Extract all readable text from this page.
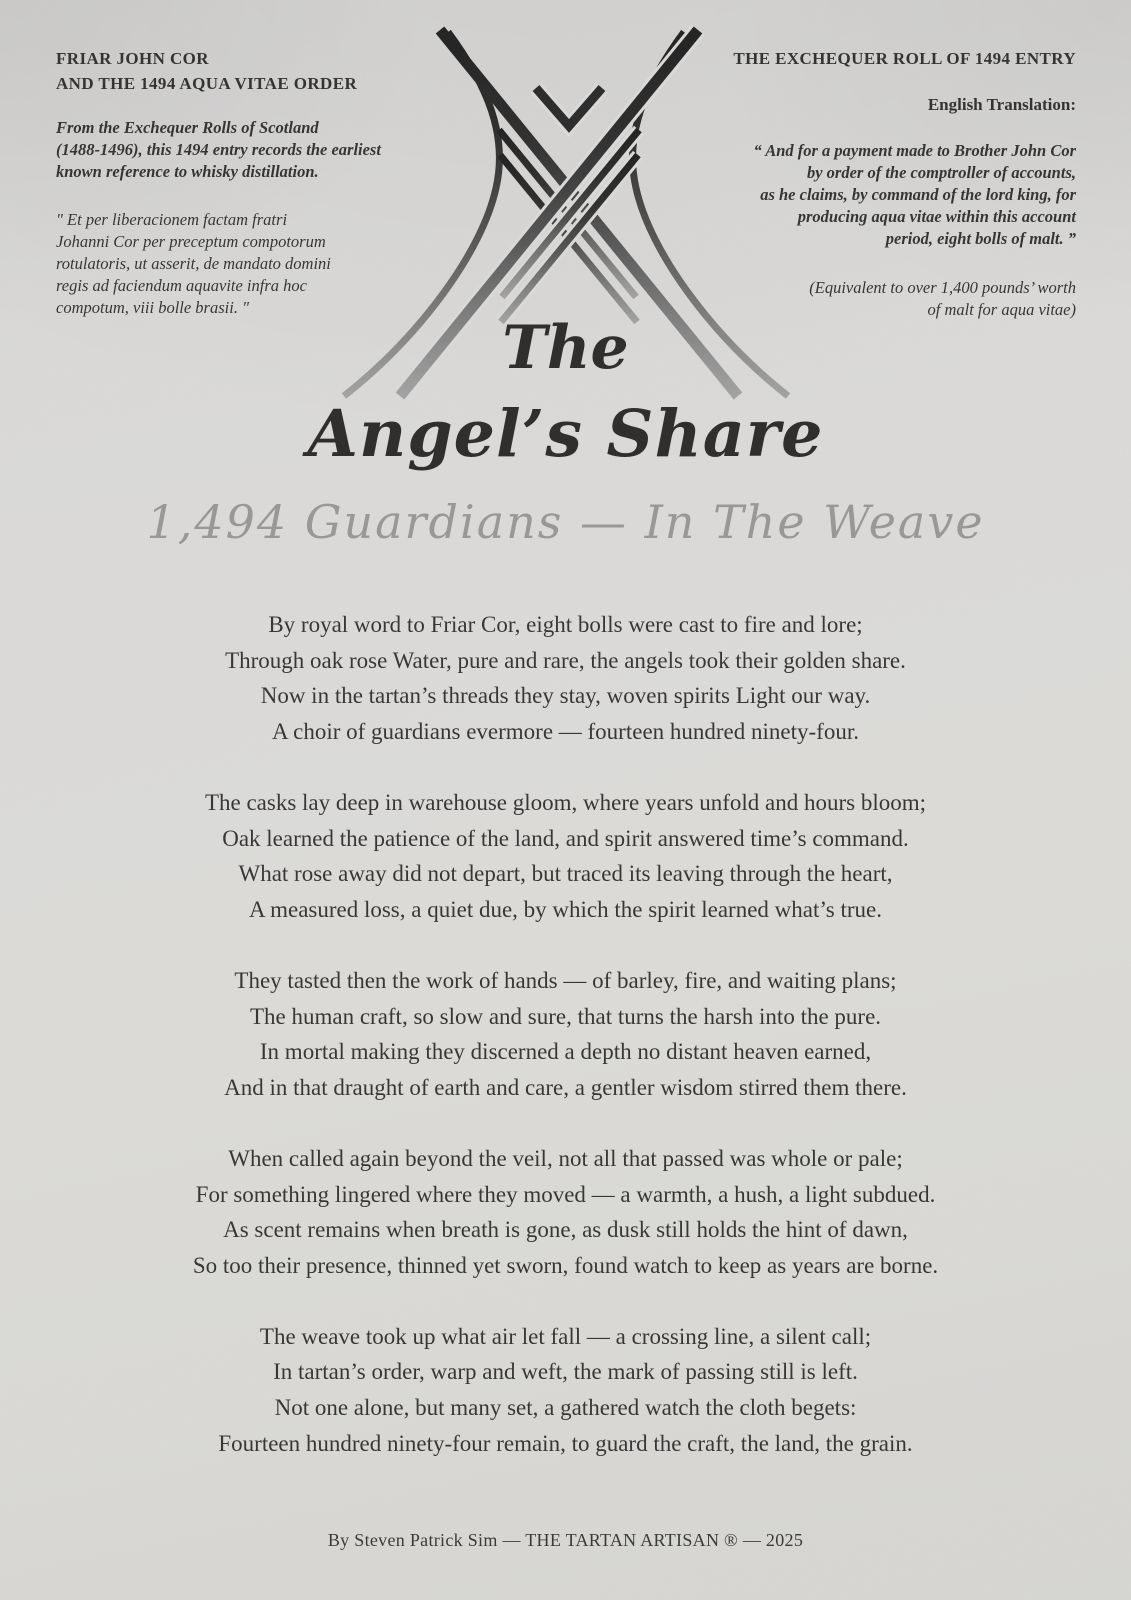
FRIAR JOHN COR
AND THE 1494 AQUA VITAE ORDER
From the Exchequer Rolls of Scotland
(1488-1496), this 1494 entry records the earliest
known reference to whisky distillation.
" Et per liberacionem factam fratri
Johanni Cor per preceptum compotorum
rotulatoris, ut asserit, de mandato domini
regis ad faciendum aquavite infra hoc
compotum, viii bolle brasii. "
THE EXCHEQUER ROLL OF 1494 ENTRY
English Translation:
“ And for a payment made to Brother John Cor
by order of the comptroller of accounts,
as he claims, by command of the lord king, for
producing aqua vitae within this account
period, eight bolls of malt. ”
(Equivalent to over 1,400 pounds’ worth
of malt for aqua vitae)
The
Angel’s Share
1,494 Guardians — In The Weave
By royal word to Friar Cor, eight bolls were cast to fire and lore;
Through oak rose Water, pure and rare, the angels took their golden share.
Now in the tartan’s threads they stay, woven spirits Light our way.
A choir of guardians evermore — fourteen hundred ninety-four.
The casks lay deep in warehouse gloom, where years unfold and hours bloom;
Oak learned the patience of the land, and spirit answered time’s command.
What rose away did not depart, but traced its leaving through the heart,
A measured loss, a quiet due, by which the spirit learned what’s true.
They tasted then the work of hands — of barley, fire, and waiting plans;
The human craft, so slow and sure, that turns the harsh into the pure.
In mortal making they discerned a depth no distant heaven earned,
And in that draught of earth and care, a gentler wisdom stirred them there.
When called again beyond the veil, not all that passed was whole or pale;
For something lingered where they moved — a warmth, a hush, a light subdued.
As scent remains when breath is gone, as dusk still holds the hint of dawn,
So too their presence, thinned yet sworn, found watch to keep as years are borne.
The weave took up what air let fall — a crossing line, a silent call;
In tartan’s order, warp and weft, the mark of passing still is left.
Not one alone, but many set, a gathered watch the cloth begets:
Fourteen hundred ninety-four remain, to guard the craft, the land, the grain.
By Steven Patrick Sim — THE TARTAN ARTISAN ® — 2025
